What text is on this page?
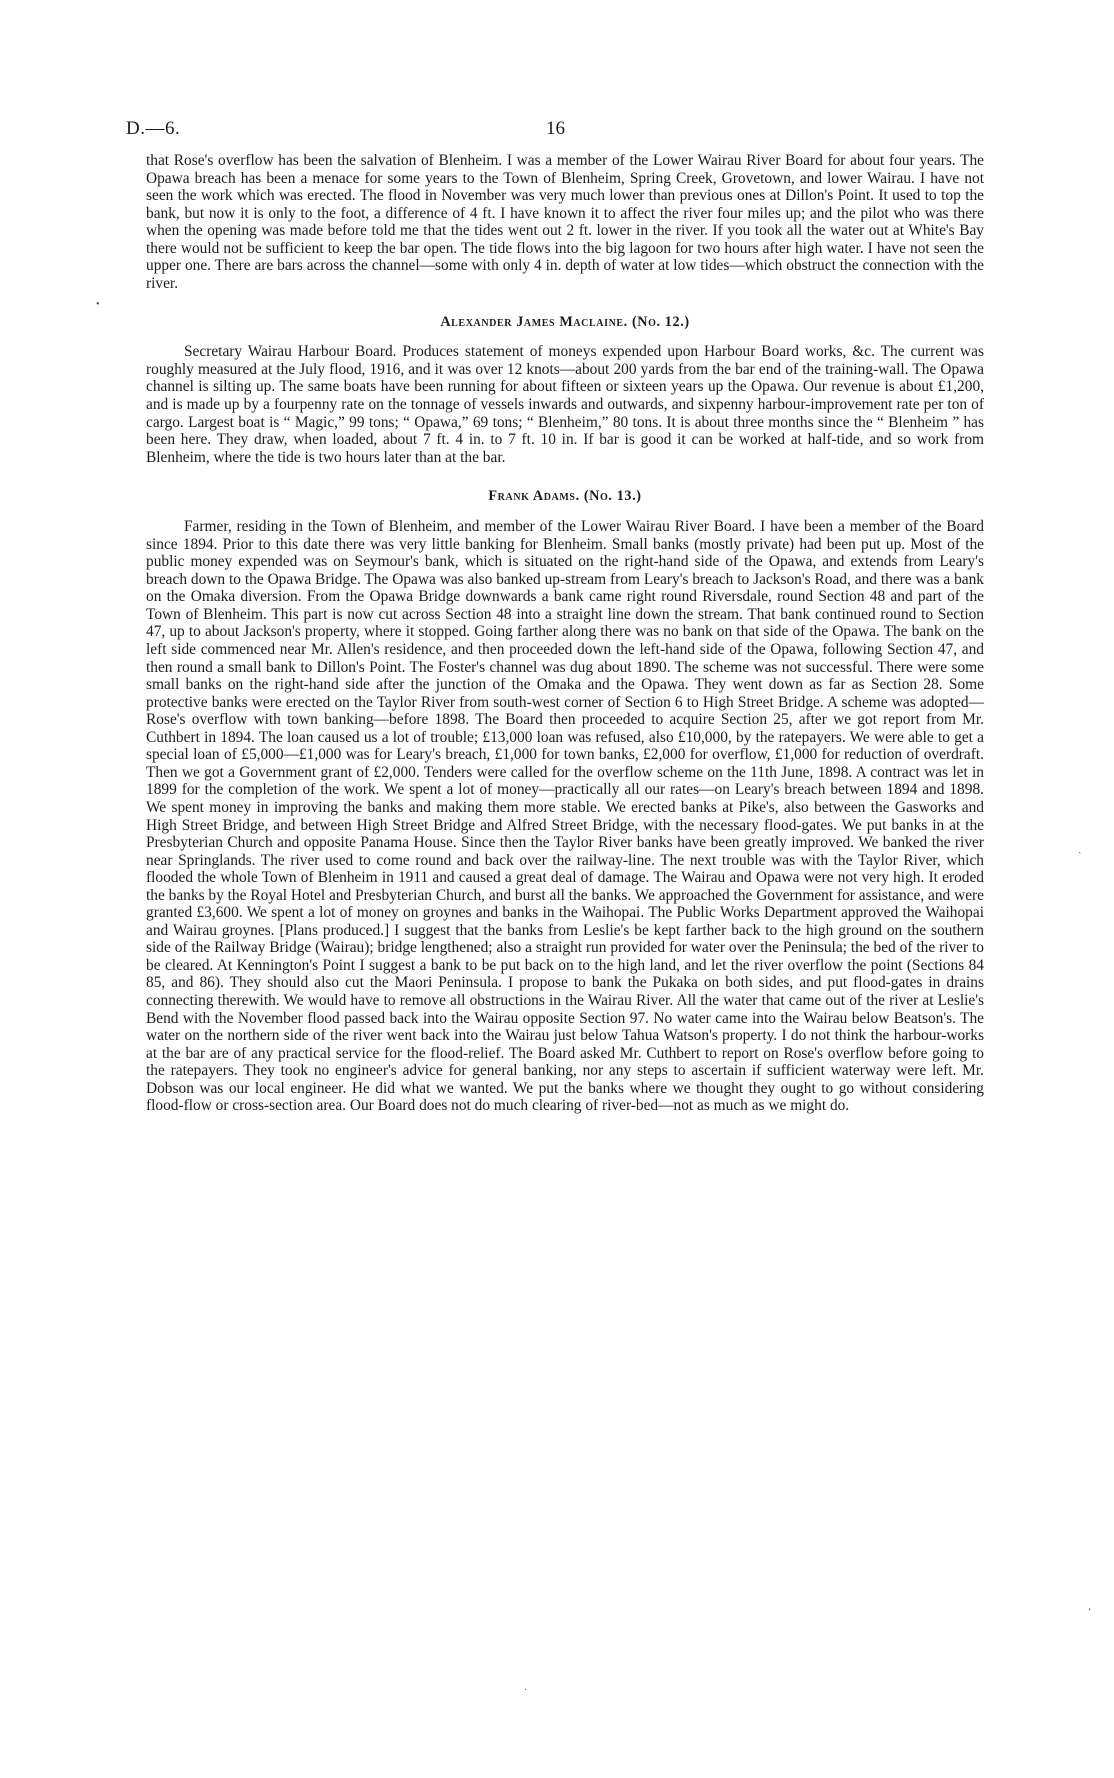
D.—6.	16

that Rose's overflow has been the salvation of Blenheim. I was a member of the Lower Wairau River Board for about four years. The Opawa breach has been a menace for some years to the Town of Blenheim, Spring Creek, Grovetown, and lower Wairau. I have not seen the work which was erected. The flood in November was very much lower than previous ones at Dillon's Point. It used to top the bank, but now it is only to the foot, a difference of 4 ft. I have known it to affect the river four miles up; and the pilot who was there when the opening was made before told me that the tides went out 2 ft. lower in the river. If you took all the water out at White's Bay there would not be sufficient to keep the bar open. The tide flows into the big lagoon for two hours after high water. I have not seen the upper one. There are bars across the channel—some with only 4 in. depth of water at low tides—which obstruct the connection with the river.

Alexander James Maclaine. (No. 12.)

Secretary Wairau Harbour Board. Produces statement of moneys expended upon Harbour Board works, &c. The current was roughly measured at the July flood, 1916, and it was over 12 knots—about 200 yards from the bar end of the training-wall. The Opawa channel is silting up. The same boats have been running for about fifteen or sixteen years up the Opawa. Our revenue is about £1,200, and is made up by a fourpenny rate on the tonnage of vessels inwards and outwards, and sixpenny harbour-improvement rate per ton of cargo. Largest boat is “ Magic,” 99 tons; “ Opawa,” 69 tons; “ Blenheim,” 80 tons. It is about three months since the “ Blenheim ” has been here. They draw, when loaded, about 7 ft. 4 in. to 7 ft. 10 in. If bar is good it can be worked at half-tide, and so work from Blenheim, where the tide is two hours later than at the bar.

Frank Adams. (No. 13.)

Farmer, residing in the Town of Blenheim, and member of the Lower Wairau River Board. I have been a member of the Board since 1894. Prior to this date there was very little banking for Blenheim. Small banks (mostly private) had been put up. Most of the public money expended was on Seymour's bank, which is situated on the right-hand side of the Opawa, and extends from Leary's breach down to the Opawa Bridge. The Opawa was also banked up-stream from Leary's breach to Jackson's Road, and there was a bank on the Omaka diversion. From the Opawa Bridge downwards a bank came right round Riversdale, round Section 48 and part of the Town of Blenheim. This part is now cut across Section 48 into a straight line down the stream. That bank continued round to Section 47, up to about Jackson's property, where it stopped. Going farther along there was no bank on that side of the Opawa. The bank on the left side commenced near Mr. Allen's residence, and then proceeded down the left-hand side of the Opawa, following Section 47, and then round a small bank to Dillon's Point. The Foster's channel was dug about 1890. The scheme was not successful. There were some small banks on the right-hand side after the junction of the Omaka and the Opawa. They went down as far as Section 28. Some protective banks were erected on the Taylor River from south-west corner of Section 6 to High Street Bridge. A scheme was adopted—Rose's overflow with town banking—before 1898. The Board then proceeded to acquire Section 25, after we got report from Mr. Cuthbert in 1894. The loan caused us a lot of trouble; £13,000 loan was refused, also £10,000, by the ratepayers. We were able to get a special loan of £5,000—£1,000 was for Leary's breach, £1,000 for town banks, £2,000 for overflow, £1,000 for reduction of overdraft. Then we got a Government grant of £2,000. Tenders were called for the overflow scheme on the 11th June, 1898. A contract was let in 1899 for the completion of the work. We spent a lot of money—practically all our rates—on Leary's breach between 1894 and 1898. We spent money in improving the banks and making them more stable. We erected banks at Pike's, also between the Gasworks and High Street Bridge, and between High Street Bridge and Alfred Street Bridge, with the necessary flood-gates. We put banks in at the Presbyterian Church and opposite Panama House. Since then the Taylor River banks have been greatly improved. We banked the river near Springlands. The river used to come round and back over the railway-line. The next trouble was with the Taylor River, which flooded the whole Town of Blenheim in 1911 and caused a great deal of damage. The Wairau and Opawa were not very high. It eroded the banks by the Royal Hotel and Presbyterian Church, and burst all the banks. We approached the Government for assistance, and were granted £3,600. We spent a lot of money on groynes and banks in the Waihopai. The Public Works Department approved the Waihopai and Wairau groynes. [Plans produced.] I suggest that the banks from Leslie's be kept farther back to the high ground on the southern side of the Railway Bridge (Wairau); bridge lengthened; also a straight run provided for water over the Peninsula; the bed of the river to be cleared. At Kennington's Point I suggest a bank to be put back on to the high land, and let the river overflow the point (Sections 84 85, and 86). They should also cut the Maori Peninsula. I propose to bank the Pukaka on both sides, and put flood-gates in drains connecting therewith. We would have to remove all obstructions in the Wairau River. All the water that came out of the river at Leslie's Bend with the November flood passed back into the Wairau opposite Section 97. No water came into the Wairau below Beatson's. The water on the northern side of the river went back into the Wairau just below Tahua Watson's property. I do not think the harbour-works at the bar are of any practical service for the flood-relief. The Board asked Mr. Cuthbert to report on Rose's overflow before going to the ratepayers. They took no engineer's advice for general banking, nor any steps to ascertain if sufficient waterway were left. Mr. Dobson was our local engineer. He did what we wanted. We put the banks where we thought they ought to go without considering flood-flow or cross-section area. Our Board does not do much clearing of river-bed—not as much as we might do.

•
ˎ
ʻ
·
